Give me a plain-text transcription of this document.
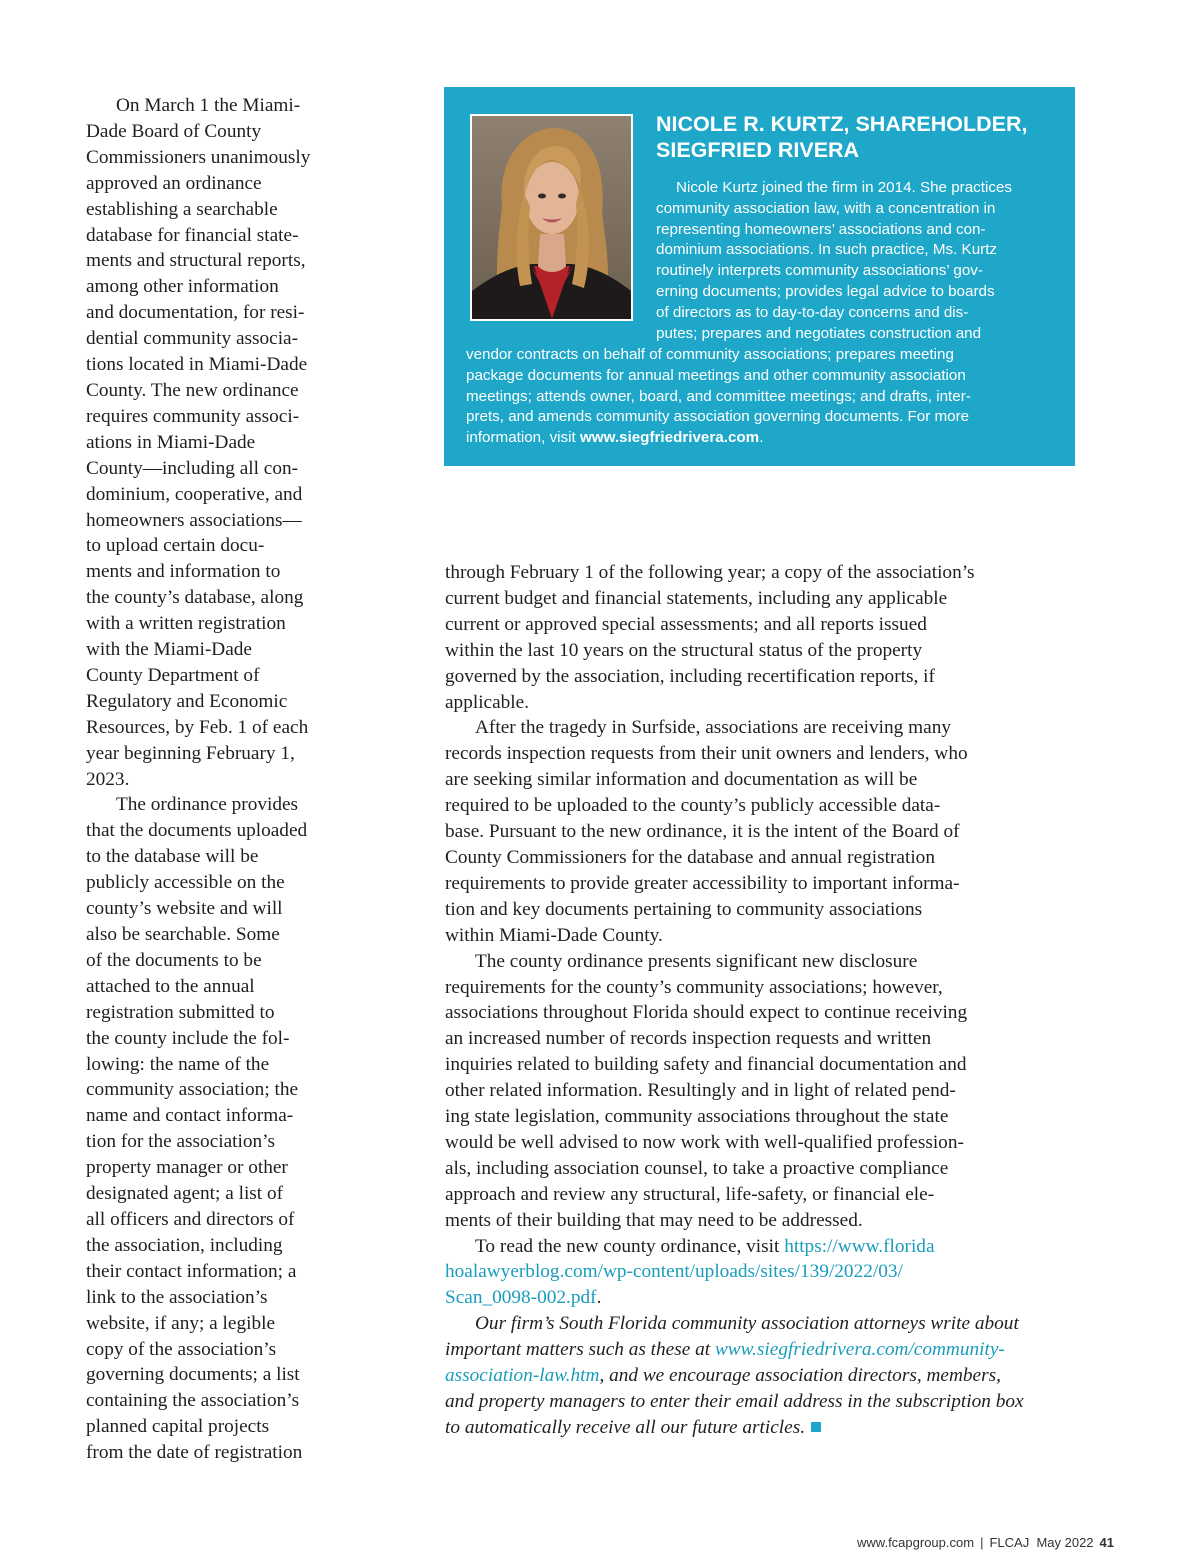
On March 1 the Miami-
Dade Board of County
Commissioners unanimously
approved an ordinance
establishing a searchable
database for financial state-
ments and structural reports,
among other information
and documentation, for resi-
dential community associa-
tions located in Miami-Dade
County. The new ordinance
requires community associ-
ations in Miami-Dade
County—including all con-
dominium, cooperative, and
homeowners associations—
to upload certain docu-
ments and information to
the county’s database, along
with a written registration
with the Miami-Dade
County Department of
Regulatory and Economic
Resources, by Feb. 1 of each
year beginning February 1,
2023.

The ordinance provides
that the documents uploaded
to the database will be
publicly accessible on the
county’s website and will
also be searchable. Some
of the documents to be
attached to the annual
registration submitted to
the county include the fol-
lowing: the name of the
community association; the
name and contact informa-
tion for the association’s
property manager or other
designated agent; a list of
all officers and directors of
the association, including
their contact information; a
link to the association’s
website, if any; a legible
copy of the association’s
governing documents; a list
containing the association’s
planned capital projects
from the date of registration

NICOLE R. KURTZ, SHAREHOLDER,
SIEGFRIED RIVERA
Nicole Kurtz joined the firm in 2014. She practices
community association law, with a concentration in
representing homeowners’ associations and con-
dominium associations. In such practice, Ms. Kurtz
routinely interprets community associations’ gov-
erning documents; provides legal advice to boards
of directors as to day-to-day concerns and dis-
putes; prepares and negotiates construction and
vendor contracts on behalf of community associations; prepares meeting
package documents for annual meetings and other community association
meetings; attends owner, board, and committee meetings; and drafts, inter-
prets, and amends community association governing documents. For more
information, visit www.siegfriedrivera.com.
through February 1 of the following year; a copy of the association’s
current budget and financial statements, including any applicable
current or approved special assessments; and all reports issued
within the last 10 years on the structural status of the property
governed by the association, including recertification reports, if
applicable.
After the tragedy in Surfside, associations are receiving many
records inspection requests from their unit owners and lenders, who
are seeking similar information and documentation as will be
required to be uploaded to the county’s publicly accessible data-
base. Pursuant to the new ordinance, it is the intent of the Board of
County Commissioners for the database and annual registration
requirements to provide greater accessibility to important informa-
tion and key documents pertaining to community associations
within Miami-Dade County.
The county ordinance presents significant new disclosure
requirements for the county’s community associations; however,
associations throughout Florida should expect to continue receiving
an increased number of records inspection requests and written
inquiries related to building safety and financial documentation and
other related information. Resultingly and in light of related pend-
ing state legislation, community associations throughout the state
would be well advised to now work with well-qualified profession-
als, including association counsel, to take a proactive compliance
approach and review any structural, life-safety, or financial ele-
ments of their building that may need to be addressed.
To read the new county ordinance, visit https://www.florida
hoalawyerblog.com/wp-content/uploads/sites/139/2022/03/
Scan_0098-002.pdf.
Our firm’s South Florida community association attorneys write about
important matters such as these at www.siegfriedrivera.com/community-
association-law.htm, and we encourage association directors, members,
and property managers to enter their email address in the subscription box
to automatically receive all our future articles.
www.fcapgroup.com | FLCAJ May 2022 41
